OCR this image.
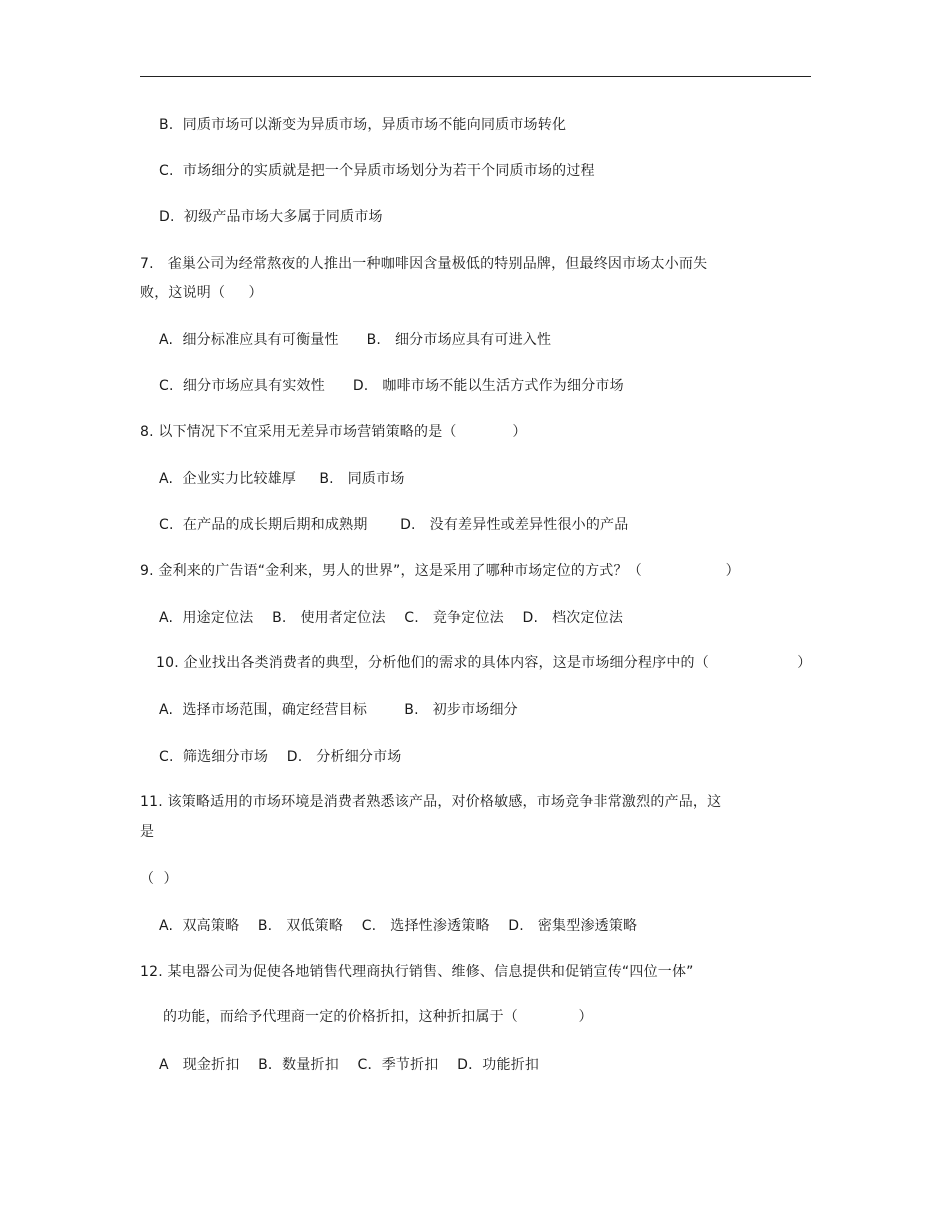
B.  同质市场可以渐变为异质市场，异质市场不能向同质市场转化
C.  市场细分的实质就是把一个异质市场划分为若干个同质市场的过程
D.  初级产品市场大多属于同质市场
7.   雀巢公司为经常熬夜的人推出一种咖啡因含量极低的特别品牌，但最终因市场太小而失
败，这说明（     ）
A.  细分标准应具有可衡量性      B.   细分市场应具有可进入性
C.  细分市场应具有实效性      D.   咖啡市场不能以生活方式作为细分市场
8. 以下情况下不宜采用无差异市场营销策略的是（            ）
A.  企业实力比较雄厚     B.   同质市场
C.  在产品的成长期后期和成熟期       D.   没有差异性或差异性很小的产品
9. 金利来的广告语“金利来，男人的世界”，这是采用了哪种市场定位的方式？（                  ）
A.  用途定位法    B.   使用者定位法    C.   竞争定位法    D.   档次定位法
10. 企业找出各类消费者的典型，分析他们的需求的具体内容，这是市场细分程序中的（                   ）
A.  选择市场范围，确定经营目标        B.   初步市场细分
C.  筛选细分市场    D.   分析细分市场
11. 该策略适用的市场环境是消费者熟悉该产品，对价格敏感，市场竞争非常激烈的产品，这
是
（  ）
A.  双高策略    B.   双低策略    C.   选择性渗透策略    D.   密集型渗透策略
12. 某电器公司为促使各地销售代理商执行销售、维修、信息提供和促销宣传“四位一体”
的功能，而给予代理商一定的价格折扣，这种折扣属于（             ）
A   现金折扣    B．数量折扣    C．季节折扣    D．功能折扣
